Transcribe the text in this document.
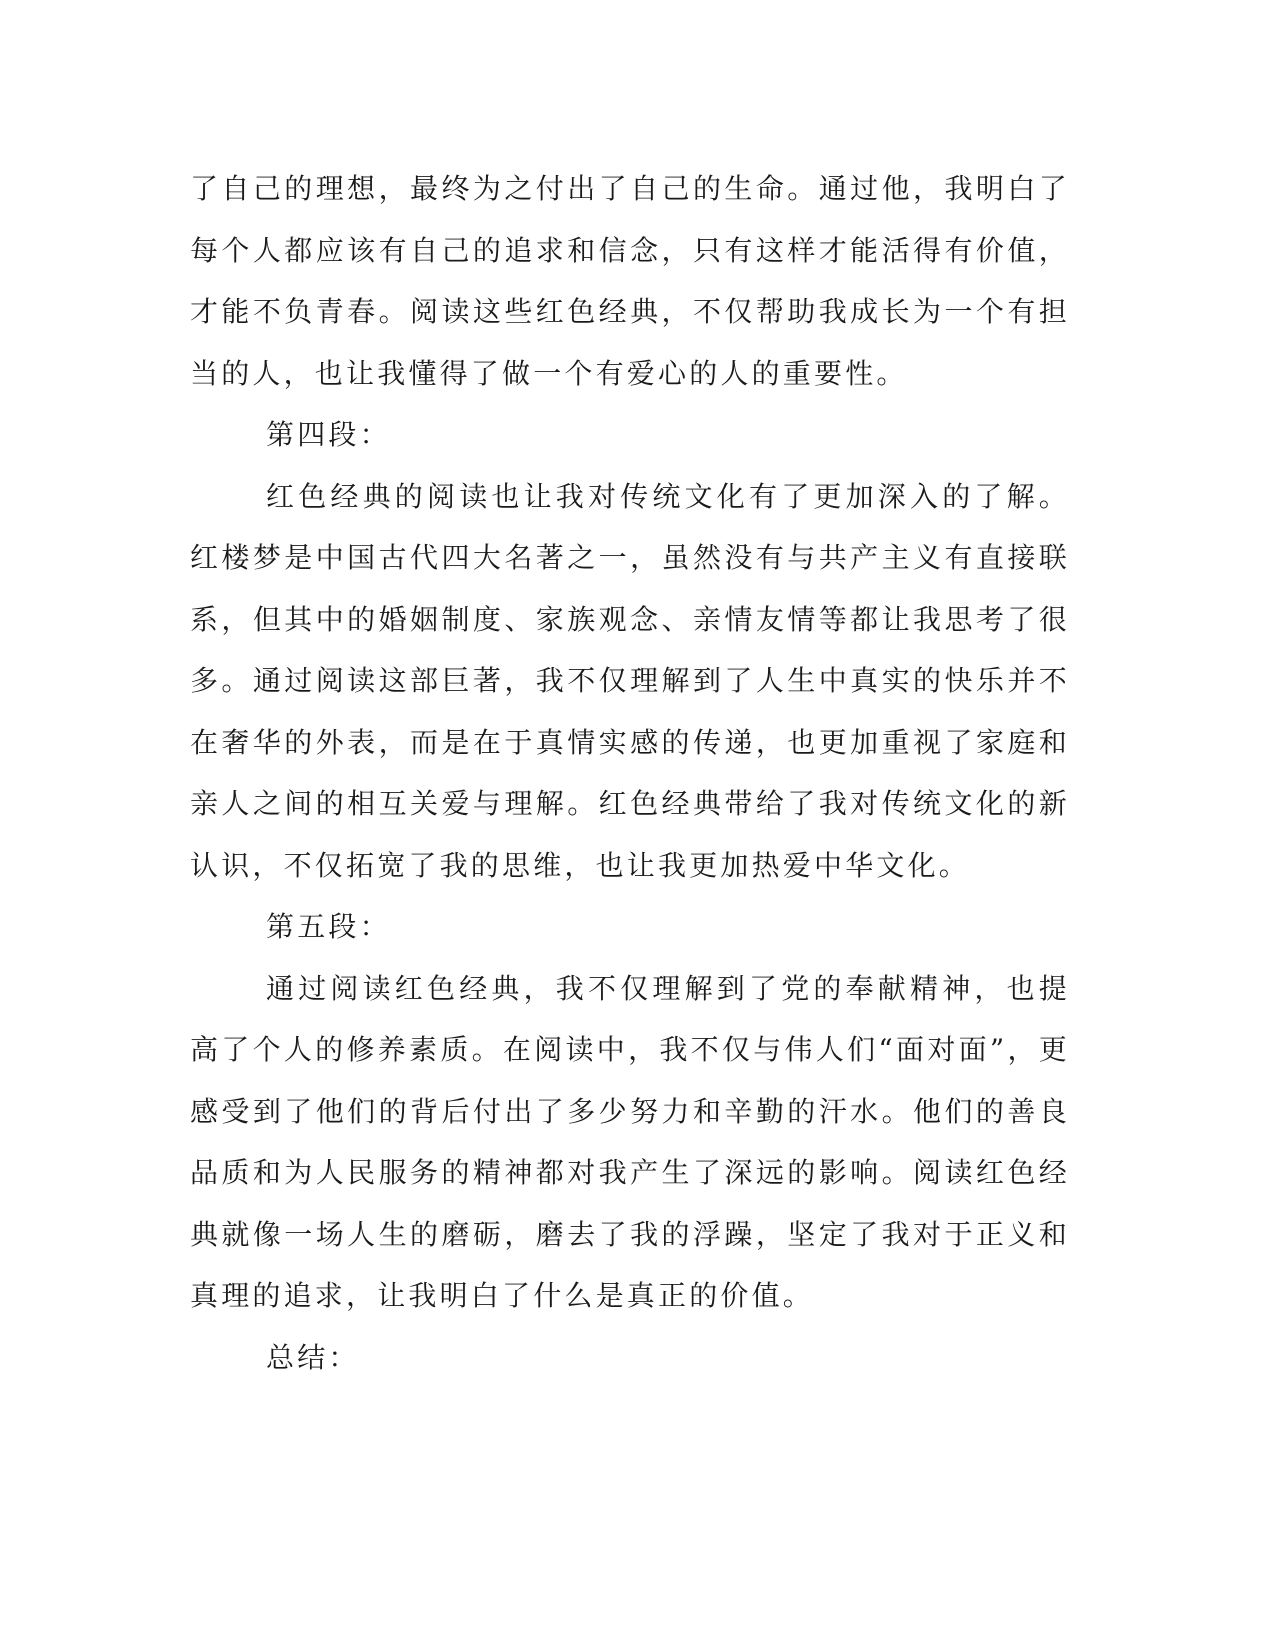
了自己的理想，最终为之付出了自己的生命。通过他，我明白了每个人都应该有自己的追求和信念，只有这样才能活得有价值，才能不负青春。阅读这些红色经典，不仅帮助我成长为一个有担当的人，也让我懂得了做一个有爱心的人的重要性。

第四段：

红色经典的阅读也让我对传统文化有了更加深入的了解。红楼梦是中国古代四大名著之一，虽然没有与共产主义有直接联系，但其中的婚姻制度、家族观念、亲情友情等都让我思考了很多。通过阅读这部巨著，我不仅理解到了人生中真实的快乐并不在奢华的外表，而是在于真情实感的传递，也更加重视了家庭和亲人之间的相互关爱与理解。红色经典带给了我对传统文化的新认识，不仅拓宽了我的思维，也让我更加热爱中华文化。

第五段：

通过阅读红色经典，我不仅理解到了党的奉献精神，也提高了个人的修养素质。在阅读中，我不仅与伟人们“面对面”，更感受到了他们的背后付出了多少努力和辛勤的汗水。他们的善良品质和为人民服务的精神都对我产生了深远的影响。阅读红色经典就像一场人生的磨砺，磨去了我的浮躁，坚定了我对于正义和真理的追求，让我明白了什么是真正的价值。

总结：
